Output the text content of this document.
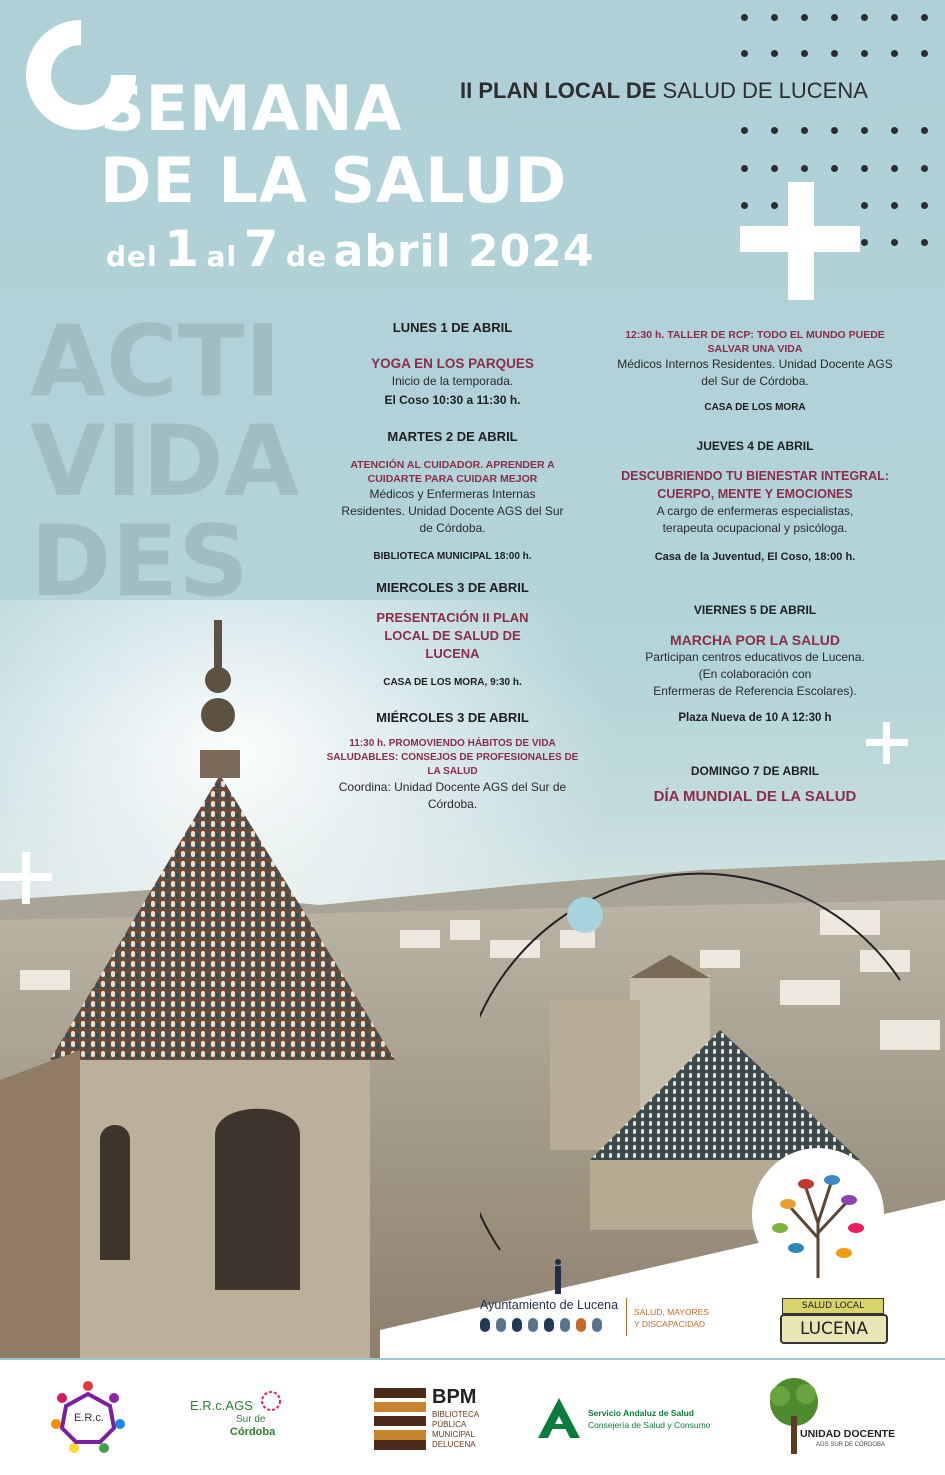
SEMANA
DE LA SALUD
del 1 al 7 de abril 2024
II PLAN LOCAL DE SALUD DE LUCENA
ACTI
VIDA
DES
LUNES 1 DE ABRIL
YOGA EN LOS PARQUES
Inicio de la temporada.
El Coso 10:30 a 11:30 h.
MARTES 2 DE ABRIL
ATENCIÓN AL CUIDADOR. APRENDER A CUIDARTE PARA CUIDAR MEJOR
Médicos y Enfermeras Internas
Residentes. Unidad Docente AGS del Sur
de Córdoba.
BIBLIOTECA MUNICIPAL 18:00 h.
MIERCOLES 3 DE ABRIL
PRESENTACIÓN II PLAN LOCAL DE SALUD DE LUCENA
CASA DE LOS MORA, 9:30 h.
MIÉRCOLES 3 DE ABRIL
11:30 h. PROMOVIENDO HÁBITOS DE VIDA SALUDABLES: CONSEJOS DE PROFESIONALES DE LA SALUD
Coordina: Unidad Docente AGS del Sur de
Córdoba.
12:30 h. TALLER DE RCP: TODO EL MUNDO PUEDE SALVAR UNA VIDA
Médicos Internos Residentes. Unidad Docente AGS
del Sur de Córdoba.
CASA DE LOS MORA
JUEVES 4 DE ABRIL
DESCUBRIENDO TU BIENESTAR INTEGRAL: CUERPO, MENTE Y EMOCIONES
A cargo de enfermeras especialistas,
terapeuta ocupacional y psicóloga.
Casa de la Juventud, El Coso, 18:00 h.
VIERNES 5 DE ABRIL
MARCHA POR LA SALUD
Participan centros educativos de Lucena.
(En colaboración con
Enfermeras de Referencia Escolares).
Plaza Nueva de 10 A 12:30 h
DOMINGO 7 DE ABRIL
DÍA MUNDIAL DE LA SALUD
Ayuntamiento de Lucena SALUD, MAYORES
Y DISCAPACIDAD
SALUD LOCAL
LUCENA
E.R.c.
E.R.c.AGS
Sur de
Córdoba
BPM
BIBLIOTECA
PÚBLICA
MUNICIPAL
DELUCENA
Servicio Andaluz de Salud
Consejería de Salud y Consumo
UNIDAD DOCENTE
AGS SUR DE CÓRDOBA
